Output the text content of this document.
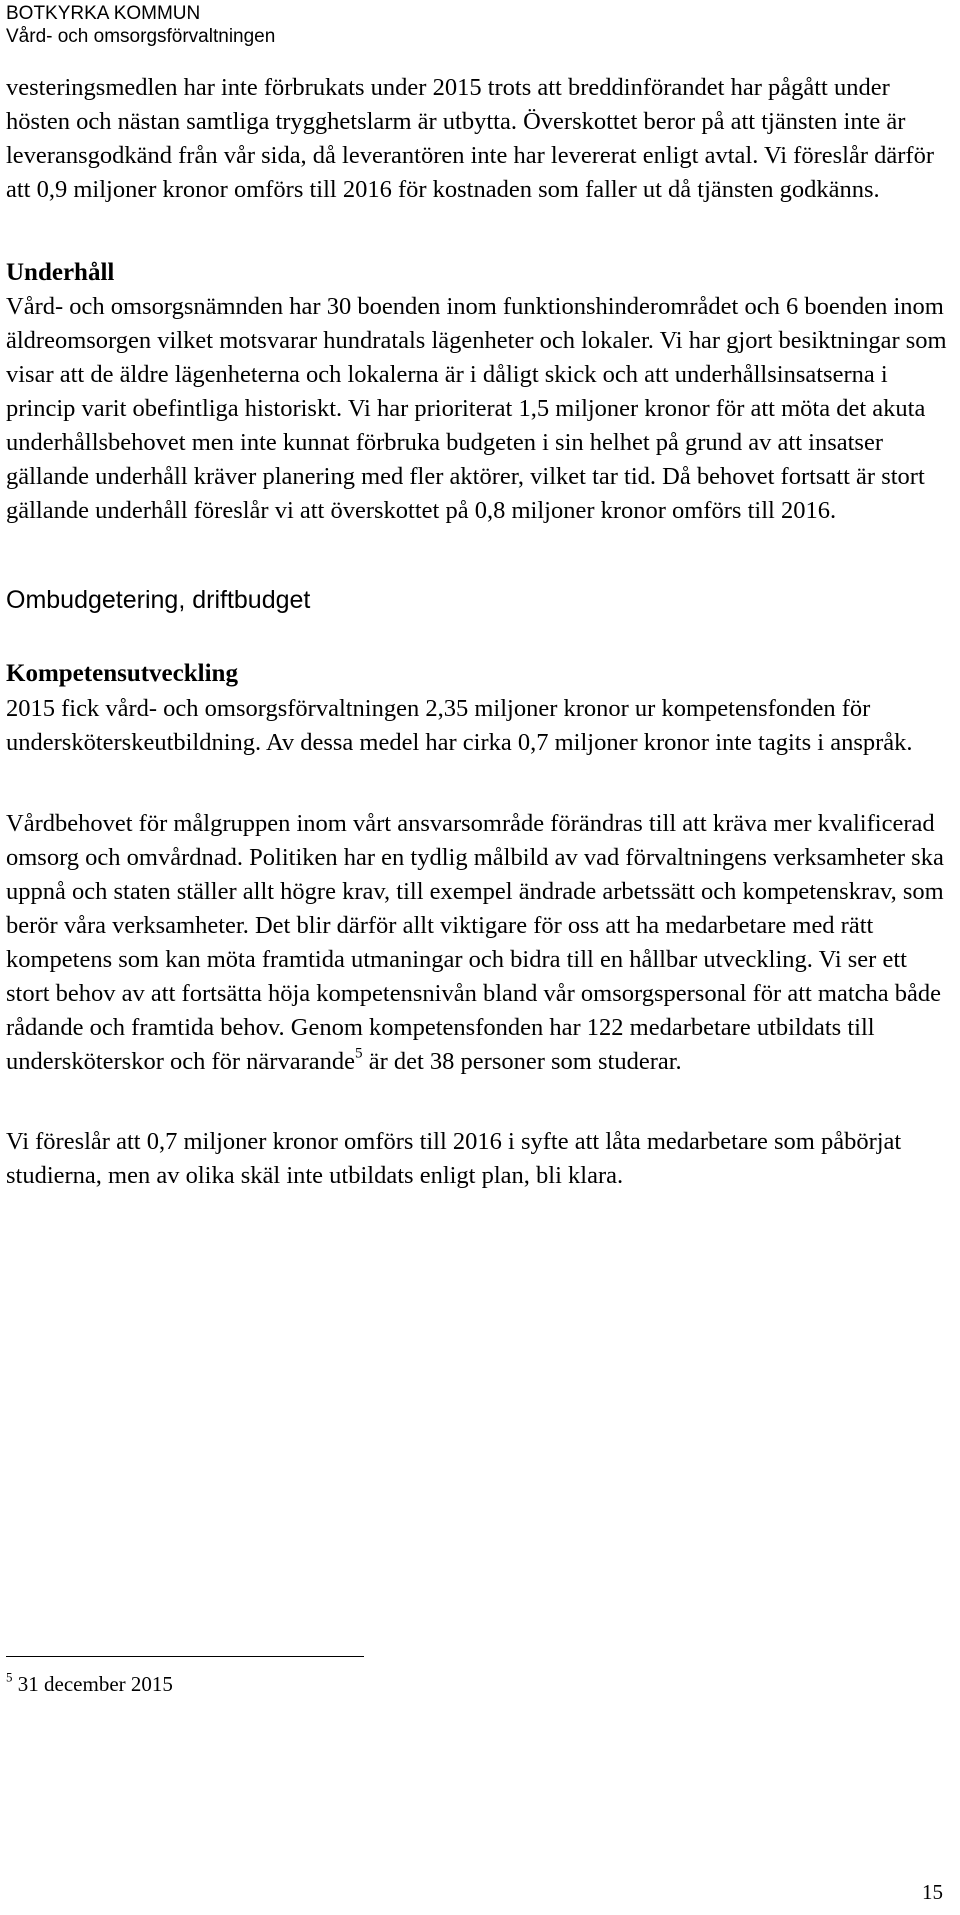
BOTKYRKA KOMMUN
Vård- och omsorgsförvaltningen

vesteringsmedlen har inte förbrukats under 2015 trots att breddinförandet har pågått under hösten och nästan samtliga trygghetslarm är utbytta. Överskottet beror på att tjänsten inte är leveransgodkänd från vår sida, då leverantören inte har levererat enligt avtal. Vi föreslår därför att 0,9 miljoner kronor omförs till 2016 för kostnaden som faller ut då tjänsten godkänns.

Underhåll

Vård- och omsorgsnämnden har 30 boenden inom funktionshinderområdet och 6 boenden inom äldreomsorgen vilket motsvarar hundratals lägenheter och lokaler. Vi har gjort besiktningar som visar att de äldre lägenheterna och lokalerna är i dåligt skick och att underhållsinsatserna i princip varit obefintliga historiskt. Vi har prioriterat 1,5 miljoner kronor för att möta det akuta underhållsbehovet men inte kunnat förbruka budgeten i sin helhet på grund av att insatser gällande underhåll kräver planering med fler aktörer, vilket tar tid. Då behovet fortsatt är stort gällande underhåll föreslår vi att överskottet på 0,8 miljoner kronor omförs till 2016.

Ombudgetering, driftbudget
Kompetensutveckling

2015 fick vård- och omsorgsförvaltningen 2,35 miljoner kronor ur kompetensfonden för undersköterskeutbildning. Av dessa medel har cirka 0,7 miljoner kronor inte tagits i anspråk.

Vårdbehovet för målgruppen inom vårt ansvarsområde förändras till att kräva mer kvalificerad omsorg och omvårdnad. Politiken har en tydlig målbild av vad förvaltningens verksamheter ska uppnå och staten ställer allt högre krav, till exempel ändrade arbetssätt och kompetenskrav, som berör våra verksamheter. Det blir därför allt viktigare för oss att ha medarbetare med rätt kompetens som kan möta framtida utmaningar och bidra till en hållbar utveckling. Vi ser ett stort behov av att fortsätta höja kompetensnivån bland vår omsorgspersonal för att matcha både rådande och framtida behov. Genom kompetensfonden har 122 medarbetare utbildats till undersköterskor och för närvarande$^5$ är det 38 personer som studerar.

Vi föreslår att 0,7 miljoner kronor omförs till 2016 i syfte att låta medarbetare som påbörjat studierna, men av olika skäl inte utbildats enligt plan, bli klara.

$^5$ 31 december 2015
15
